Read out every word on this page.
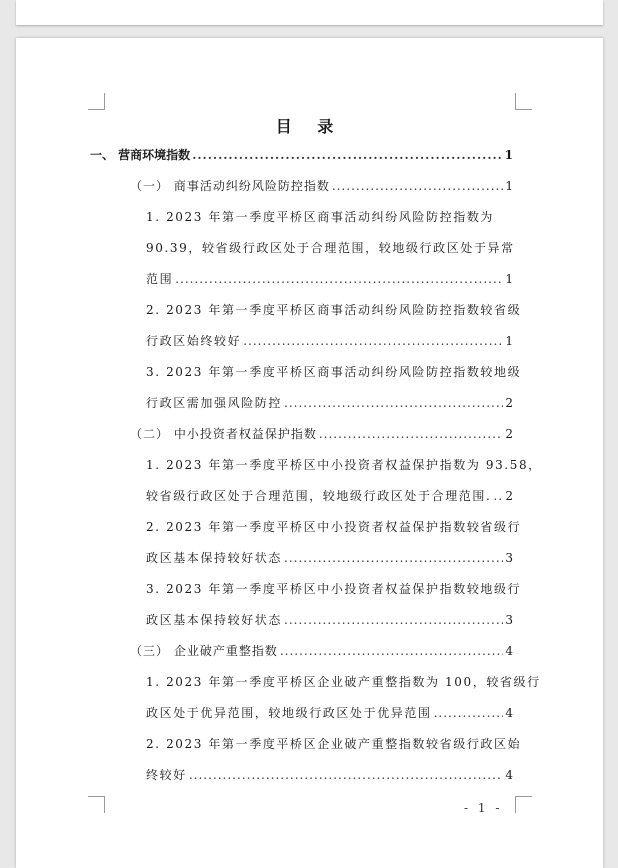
目 录
一、 营商环境指数 .....	1
（一） 商事活动纠纷风险防控指数 .....	1
1. 2023 年第一季度平桥区商事活动纠纷风险防控指数为
90.39，较省级行政区处于合理范围，较地级行政区处于异常
范围 .....	1
2. 2023 年第一季度平桥区商事活动纠纷风险防控指数较省级
行政区始终较好 .....	1
3. 2023 年第一季度平桥区商事活动纠纷风险防控指数较地级
行政区需加强风险防控 .....	2
（二） 中小投资者权益保护指数 .....	2
1. 2023 年第一季度平桥区中小投资者权益保护指数为 93.58，
较省级行政区处于合理范围，较地级行政区处于合理范围. ..... 2
2. 2023 年第一季度平桥区中小投资者权益保护指数较省级行
政区基本保持较好状态 .....	3
3. 2023 年第一季度平桥区中小投资者权益保护指数较地级行
政区基本保持较好状态 .....	3
（三） 企业破产重整指数 .....	4
1. 2023 年第一季度平桥区企业破产重整指数为 100，较省级行
政区处于优异范围，较地级行政区处于优异范围 .....	4
2. 2023 年第一季度平桥区企业破产重整指数较省级行政区始
终较好 .....	4
- 1 -
